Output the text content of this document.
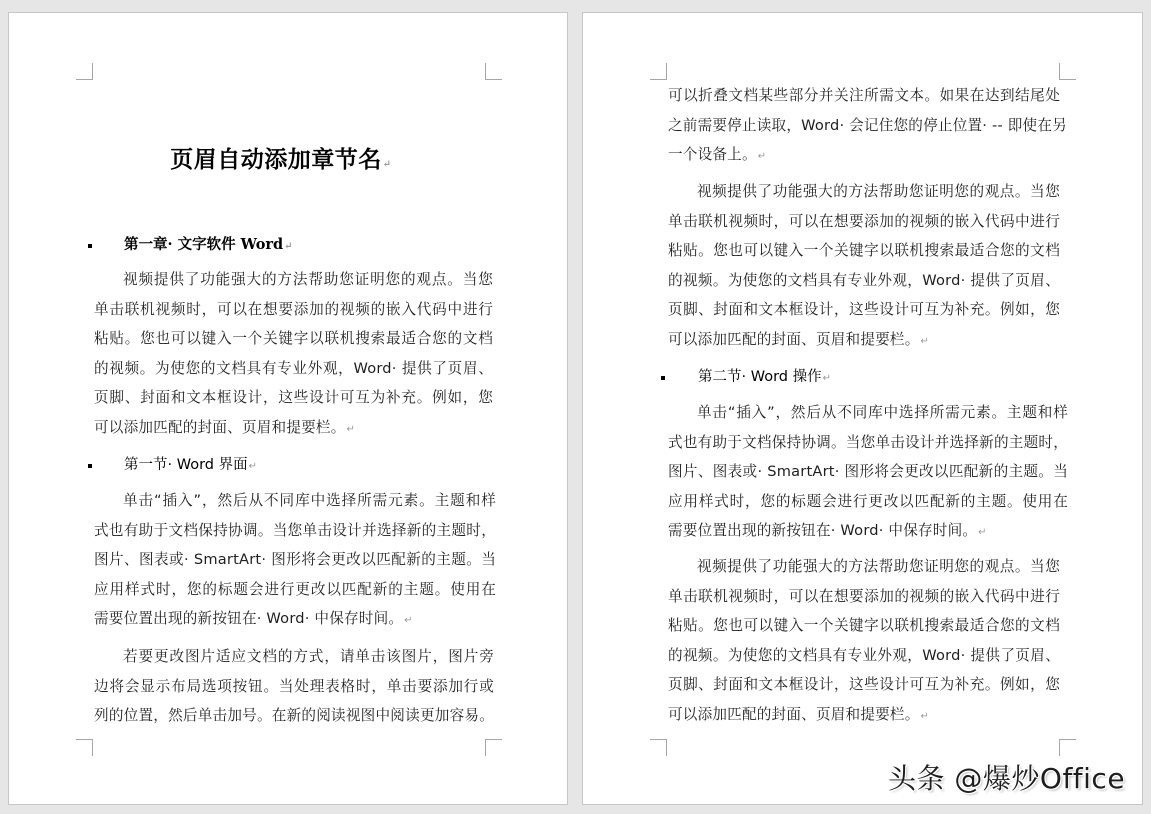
页眉自动添加章节名↵
第一章· 文字软件 Word↵
视频提供了功能强大的方法帮助您证明您的观点。当您
单击联机视频时，可以在想要添加的视频的嵌入代码中进行
粘贴。您也可以键入一个关键字以联机搜索最适合您的文档
的视频。为使您的文档具有专业外观，Word· 提供了页眉、
页脚、封面和文本框设计，这些设计可互为补充。例如，您
可以添加匹配的封面、页眉和提要栏。↵
第一节· Word 界面↵
单击“插入”，然后从不同库中选择所需元素。主题和样
式也有助于文档保持协调。当您单击设计并选择新的主题时，
图片、图表或· SmartArt· 图形将会更改以匹配新的主题。当
应用样式时，您的标题会进行更改以匹配新的主题。使用在
需要位置出现的新按钮在· Word· 中保存时间。↵
若要更改图片适应文档的方式，请单击该图片，图片旁
边将会显示布局选项按钮。当处理表格时，单击要添加行或
列的位置，然后单击加号。在新的阅读视图中阅读更加容易。
可以折叠文档某些部分并关注所需文本。如果在达到结尾处
之前需要停止读取，Word· 会记住您的停止位置· -- 即使在另
一个设备上。↵
视频提供了功能强大的方法帮助您证明您的观点。当您
单击联机视频时，可以在想要添加的视频的嵌入代码中进行
粘贴。您也可以键入一个关键字以联机搜索最适合您的文档
的视频。为使您的文档具有专业外观，Word· 提供了页眉、
页脚、封面和文本框设计，这些设计可互为补充。例如，您
可以添加匹配的封面、页眉和提要栏。↵
第二节· Word 操作↵
单击“插入”，然后从不同库中选择所需元素。主题和样
式也有助于文档保持协调。当您单击设计并选择新的主题时，
图片、图表或· SmartArt· 图形将会更改以匹配新的主题。当
应用样式时，您的标题会进行更改以匹配新的主题。使用在
需要位置出现的新按钮在· Word· 中保存时间。↵
视频提供了功能强大的方法帮助您证明您的观点。当您
单击联机视频时，可以在想要添加的视频的嵌入代码中进行
粘贴。您也可以键入一个关键字以联机搜索最适合您的文档
的视频。为使您的文档具有专业外观，Word· 提供了页眉、
页脚、封面和文本框设计，这些设计可互为补充。例如，您
可以添加匹配的封面、页眉和提要栏。↵
头条 @爆炒Office
